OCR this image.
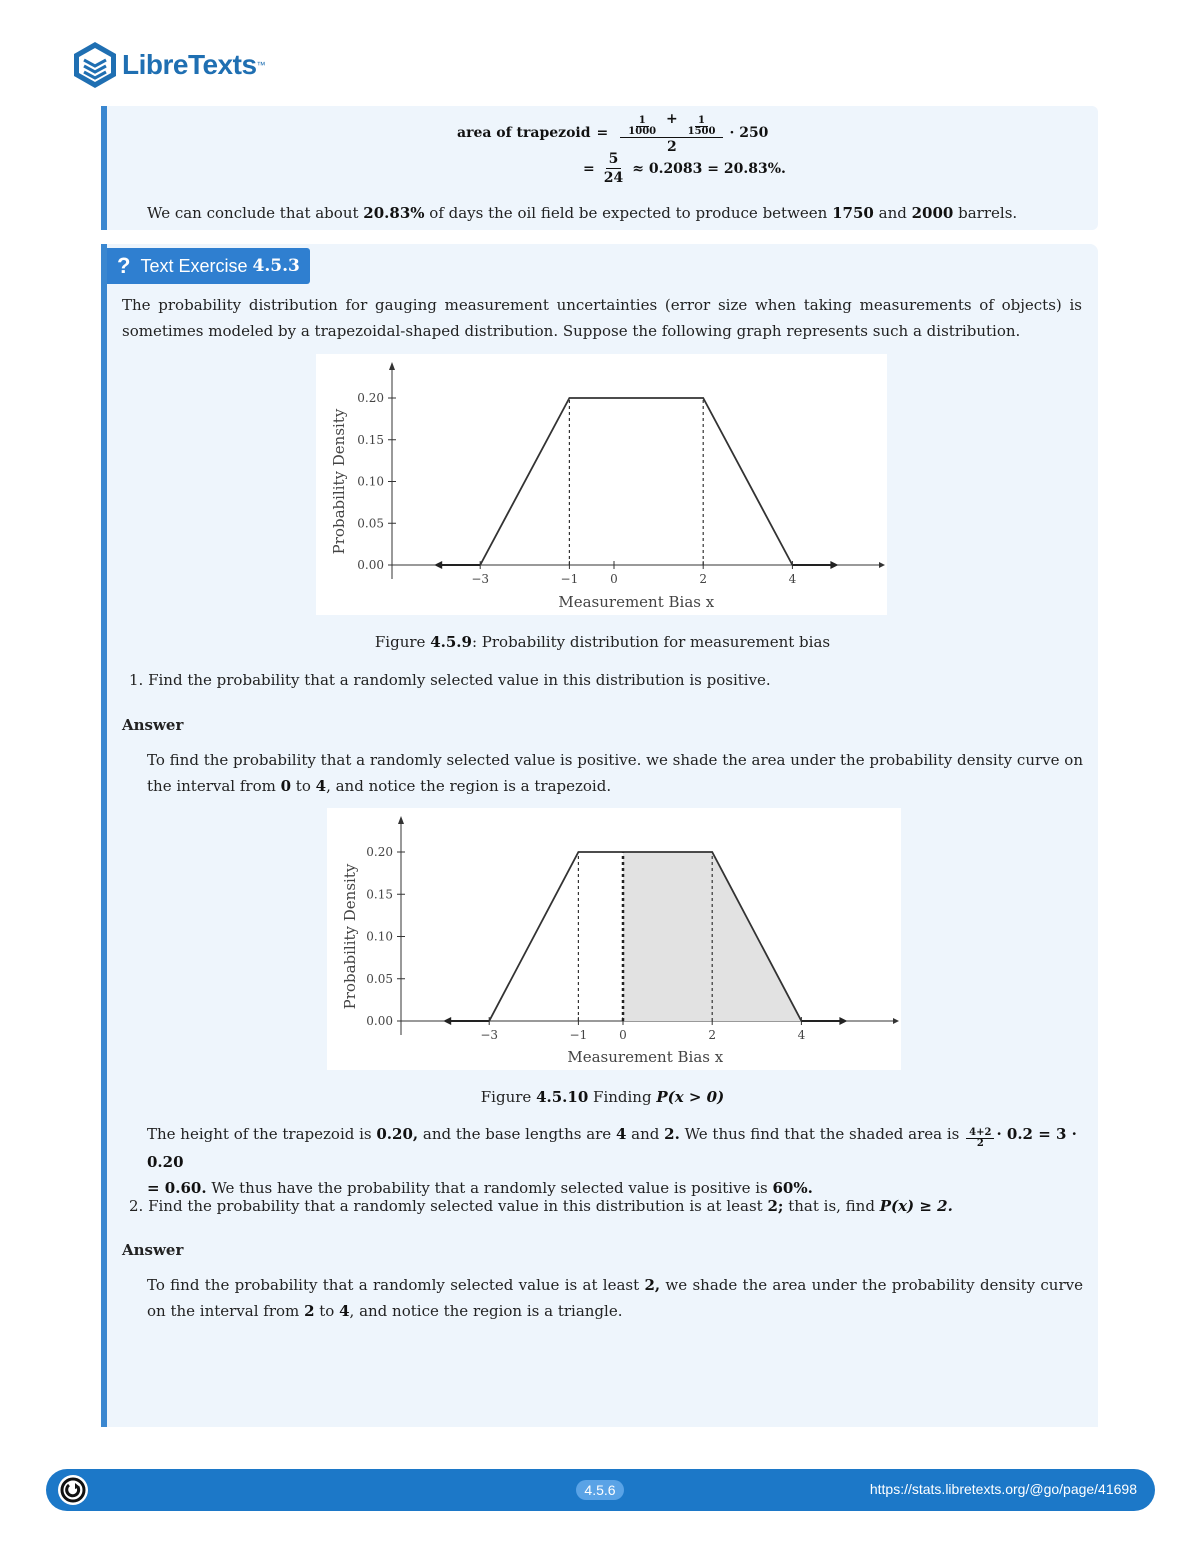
LibreTexts ™
area of trapezoid = $\frac{\frac{1}{1000} + \frac{1}{1500}}{2} \cdot 250$
= $\frac{5}{24} \approx 0.2083 = 20.83\%$.
We can conclude that about 20.83% of days the oil field be expected to produce between 1750 and 2000 barrels.
? Text Exercise 4.5.3
The probability distribution for gauging measurement uncertainties (error size when taking measurements of objects) is sometimes modeled by a trapezoidal-shaped distribution. Suppose the following graph represents such a distribution.
0.00
0.05
0.10
0.15
0.20
−3	−1	0	2	4
Measurement Bias x
Probability Density
Figure 4.5.9: Probability distribution for measurement bias
1. Find the probability that a randomly selected value in this distribution is positive.
Answer
To find the probability that a randomly selected value is positive. we shade the area under the probability density curve on the interval from 0 to 4, and notice the region is a trapezoid.
0.00
0.05
0.10
0.15
0.20
−3	−1	0	2	4
Measurement Bias x
Probability Density
Figure 4.5.10 Finding P(x > 0)
The height of the trapezoid is 0.20, and the base lengths are 4 and 2. We thus find that the shaded area is $\frac{4+2}{2} \cdot 0.2 = 3 \cdot 0.20$
= 0.60. We thus have the probability that a randomly selected value is positive is 60%.
2. Find the probability that a randomly selected value in this distribution is at least 2; that is, find P(x) ≥ 2.
Answer
To find the probability that a randomly selected value is at least 2, we shade the area under the probability density curve on the interval from 2 to 4, and notice the region is a triangle.
4.5.6	https://stats.libretexts.org/@go/page/41698
